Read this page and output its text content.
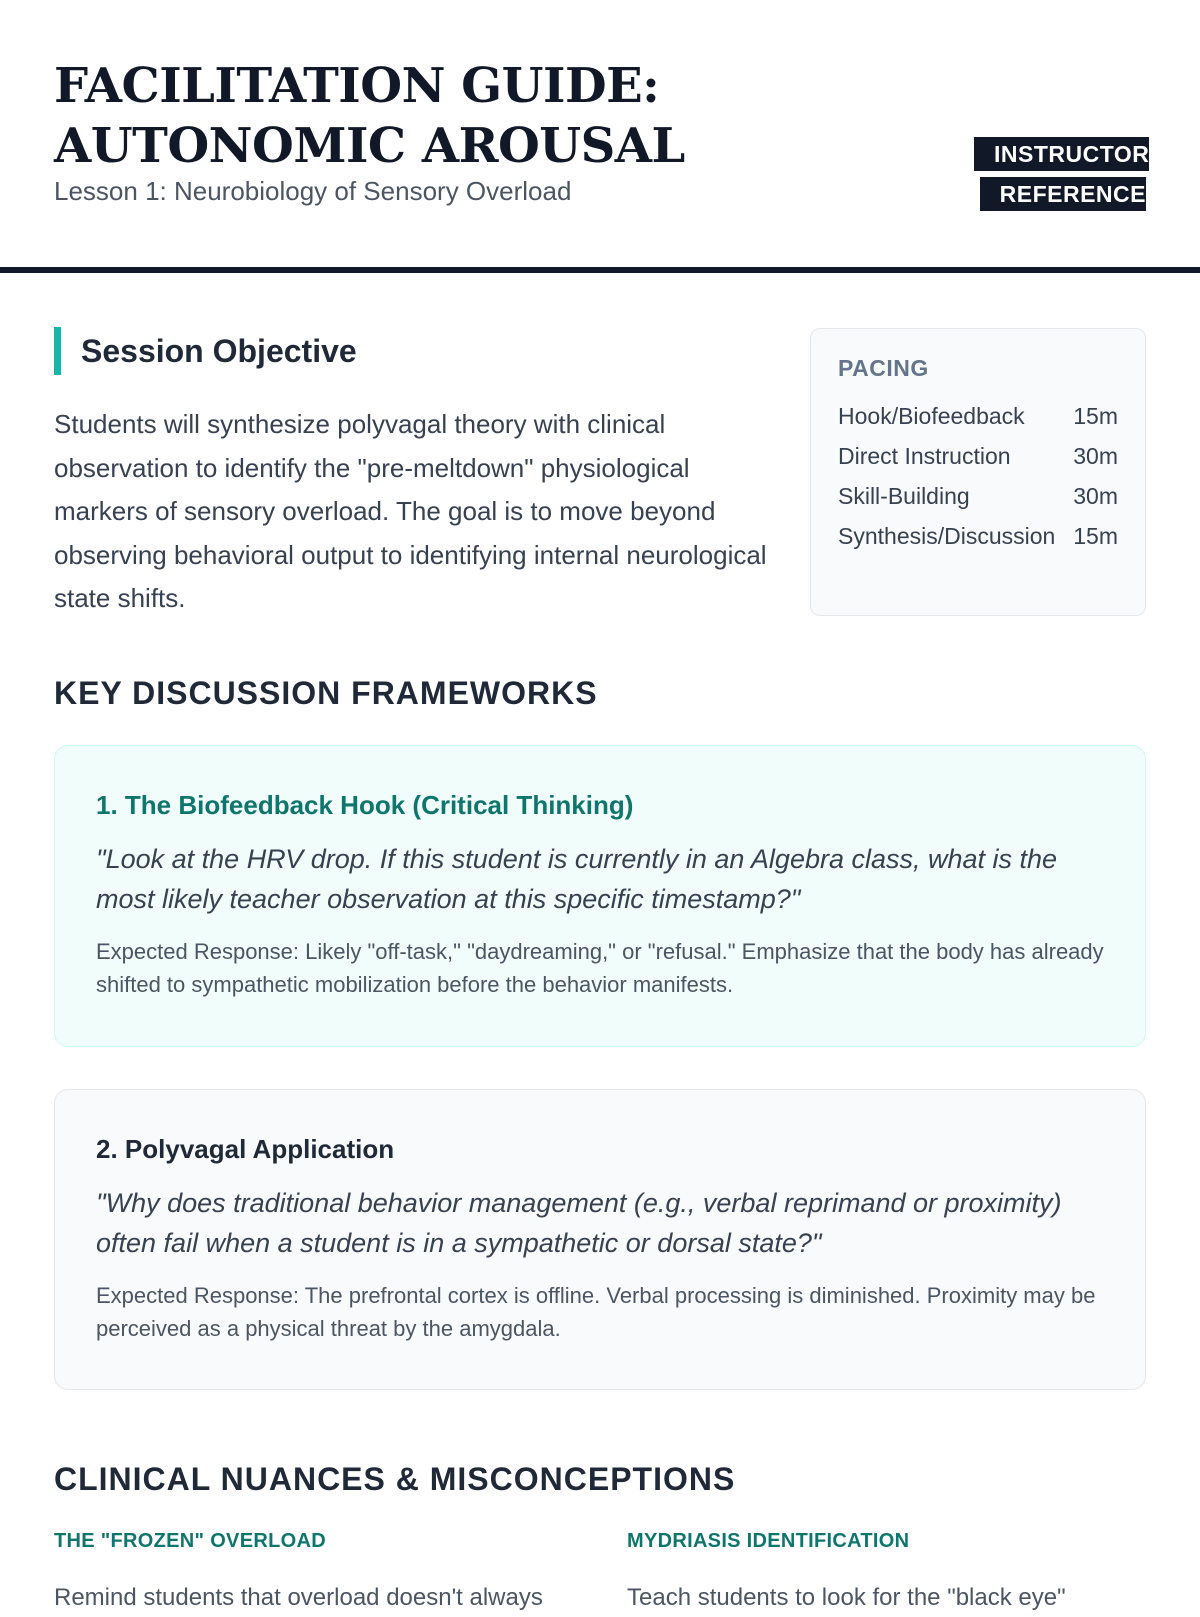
FACILITATION GUIDE: AUTONOMIC AROUSAL
Lesson 1: Neurobiology of Sensory Overload
INSTRUCTOR REFERENCE
Session Objective

Students will synthesize polyvagal theory with clinical observation to identify the "pre-meltdown" physiological markers of sensory overload. The goal is to move beyond observing behavioral output to identifying internal neurological state shifts.

PACING
Hook/Biofeedback 15m
Direct Instruction	30m
Skill-Building	30m
Synthesis/Discussion 15m
KEY DISCUSSION FRAMEWORKS
1. The Biofeedback Hook (Critical Thinking)

"Look at the HRV drop. If this student is currently in an Algebra class, what is the most likely teacher observation at this specific timestamp?"

Expected Response: Likely "off-task," "daydreaming," or "refusal." Emphasize that the body has already shifted to sympathetic mobilization before the behavior manifests.

2. Polyvagal Application

"Why does traditional behavior management (e.g., verbal reprimand or proximity) often fail when a student is in a sympathetic or dorsal state?"

Expected Response: The prefrontal cortex is offline. Verbal processing is diminished. Proximity may be perceived as a physical threat by the amygdala.

CLINICAL NUANCES & MISCONCEPTIONS
THE "FROZEN" OVERLOAD

Remind students that overload doesn't always

MYDRIASIS IDENTIFICATION

Teach students to look for the "black eye"
